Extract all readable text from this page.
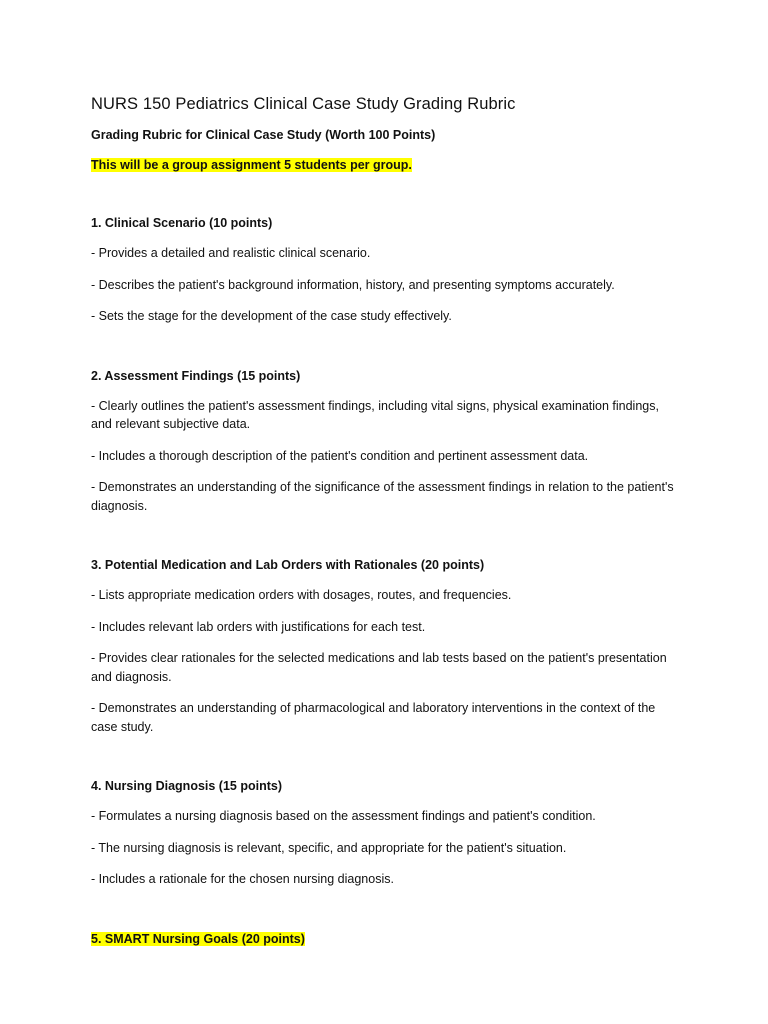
NURS 150 Pediatrics Clinical Case Study Grading Rubric

Grading Rubric for Clinical Case Study (Worth 100 Points)

This will be a group assignment 5 students per group.

1. Clinical Scenario (10 points)

- Provides a detailed and realistic clinical scenario.

- Describes the patient's background information, history, and presenting symptoms accurately.

- Sets the stage for the development of the case study effectively.

2. Assessment Findings (15 points)

- Clearly outlines the patient's assessment findings, including vital signs, physical examination findings, and relevant subjective data.

- Includes a thorough description of the patient's condition and pertinent assessment data.

- Demonstrates an understanding of the significance of the assessment findings in relation to the patient's diagnosis.

3. Potential Medication and Lab Orders with Rationales (20 points)

- Lists appropriate medication orders with dosages, routes, and frequencies.

- Includes relevant lab orders with justifications for each test.

- Provides clear rationales for the selected medications and lab tests based on the patient's presentation and diagnosis.

- Demonstrates an understanding of pharmacological and laboratory interventions in the context of the case study.

4. Nursing Diagnosis (15 points)

- Formulates a nursing diagnosis based on the assessment findings and patient's condition.

- The nursing diagnosis is relevant, specific, and appropriate for the patient's situation.

- Includes a rationale for the chosen nursing diagnosis.

5. SMART Nursing Goals (20 points)
